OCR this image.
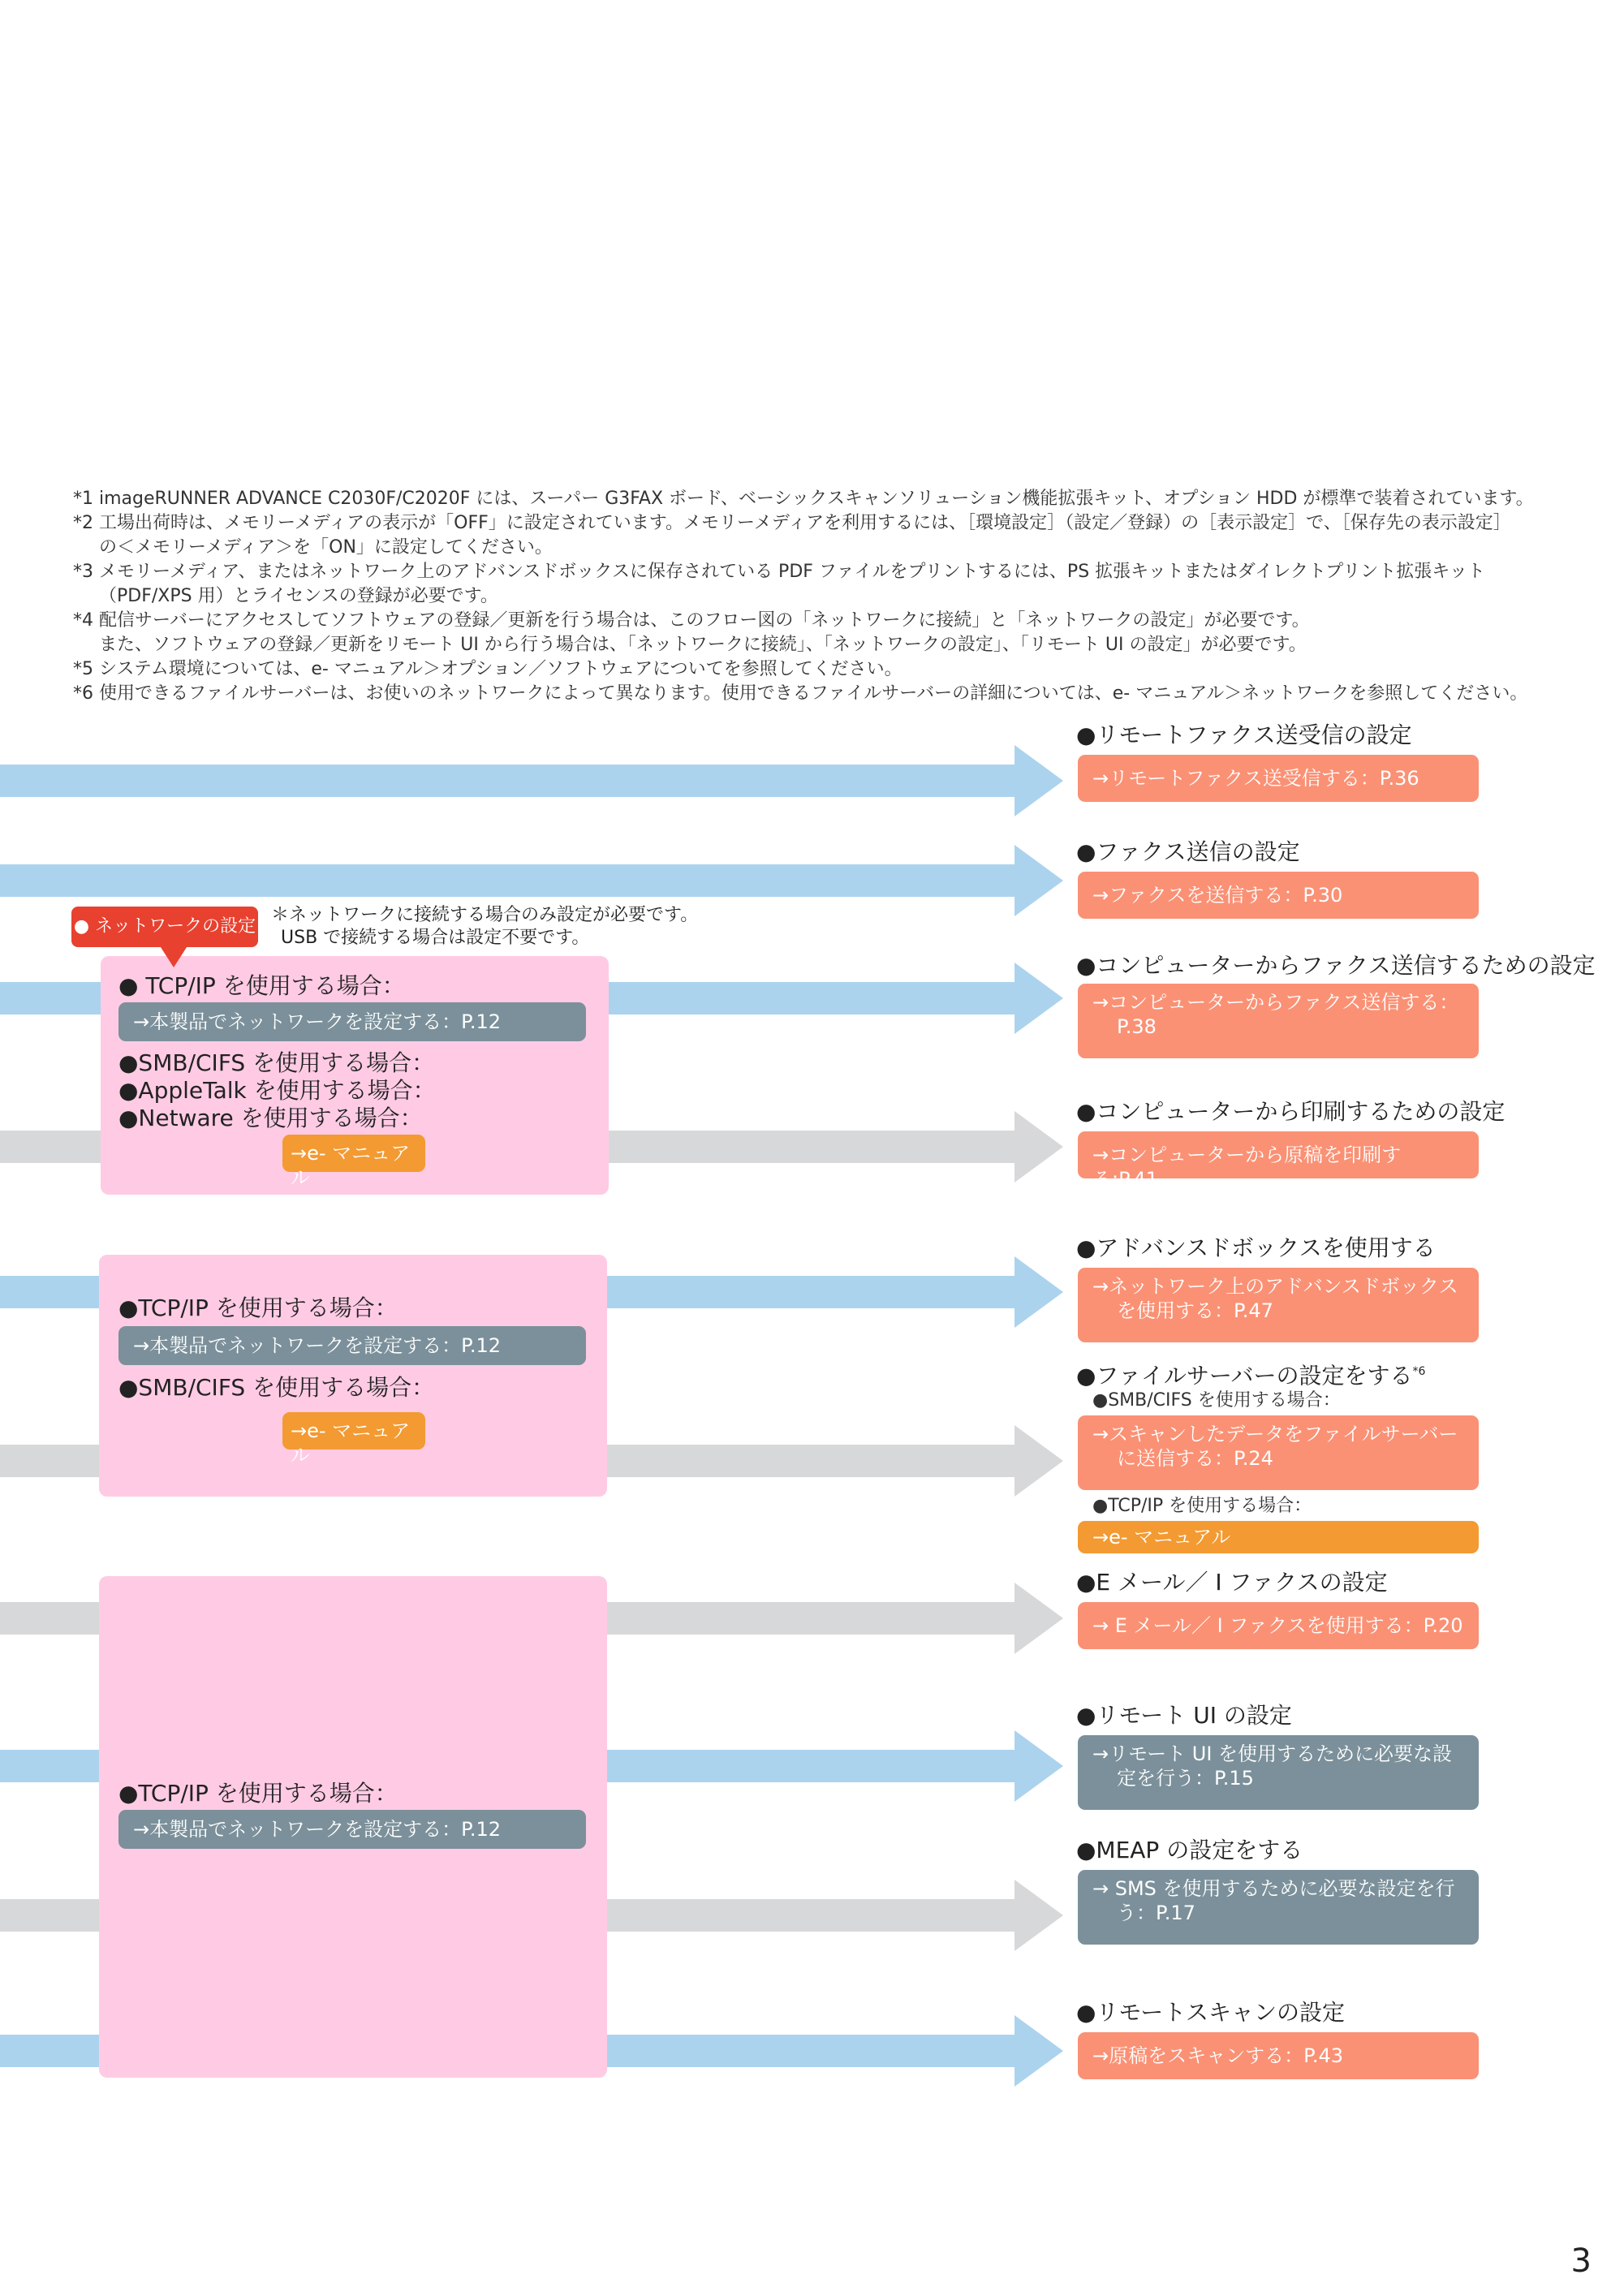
*1 imageRUNNER ADVANCE C2030F/C2020F には、スーパー G3FAX ボード、ベーシックスキャンソリューション機能拡張キット、オプション HDD が標準で装着されています。
*2 工場出荷時は、メモリーメディアの表示が「OFF」に設定されています。メモリーメディアを利用するには、［環境設定］（設定／登録）の［表示設定］で、［保存先の表示設定］
の＜メモリーメディア＞を「ON」に設定してください。
*3 メモリーメディア、またはネットワーク上のアドバンスドボックスに保存されている PDF ファイルをプリントするには、PS 拡張キットまたはダイレクトプリント拡張キット
（PDF/XPS 用）とライセンスの登録が必要です。
*4 配信サーバーにアクセスしてソフトウェアの登録／更新を行う場合は、このフロー図の「ネットワークに接続」と「ネットワークの設定」が必要です。
また、ソフトウェアの登録／更新をリモート UI から行う場合は、「ネットワークに接続」、「ネットワークの設定」、「リモート UI の設定」が必要です。
*5 システム環境については、e- マニュアル＞オプション／ソフトウェアについてを参照してください。
*6 使用できるファイルサーバーは、お使いのネットワークによって異なります。使用できるファイルサーバーの詳細については、e- マニュアル＞ネットワークを参照してください。
● TCP/IP を使用する場合：
→本製品でネットワークを設定する：P.12
●SMB/CIFS を使用する場合：
●AppleTalk を使用する場合：
●Netware を使用する場合：
→e- マニュアル
● ネットワークの設定
＊ネットワークに接続する場合のみ設定が必要です。
USB で接続する場合は設定不要です。
●TCP/IP を使用する場合：
→本製品でネットワークを設定する：P.12
●SMB/CIFS を使用する場合：
→e- マニュアル
●TCP/IP を使用する場合：
→本製品でネットワークを設定する：P.12
●リモートファクス送受信の設定
→リモートファクス送受信する：P.36
●ファクス送信の設定
→ファクスを送信する：P.30
●コンピューターからファクス送信するための設定
→コンピューターからファクス送信する：
P.38
●コンピューターから印刷するための設定
→コンピューターから原稿を印刷する:P.41
●アドバンスドボックスを使用する
→ネットワーク上のアドバンスドボックス
を使用する：P.47
●ファイルサーバーの設定をする$^{*6}$
●SMB/CIFS を使用する場合：
→スキャンしたデータをファイルサーバー
に送信する：P.24
●TCP/IP を使用する場合：
→e- マニュアル
●E メール／ I ファクスの設定
→ E メール／ I ファクスを使用する：P.20
●リモート UI の設定
→リモート UI を使用するために必要な設
定を行う：P.15
●MEAP の設定をする
→ SMS を使用するために必要な設定を行
う：P.17
●リモートスキャンの設定
→原稿をスキャンする：P.43
3
